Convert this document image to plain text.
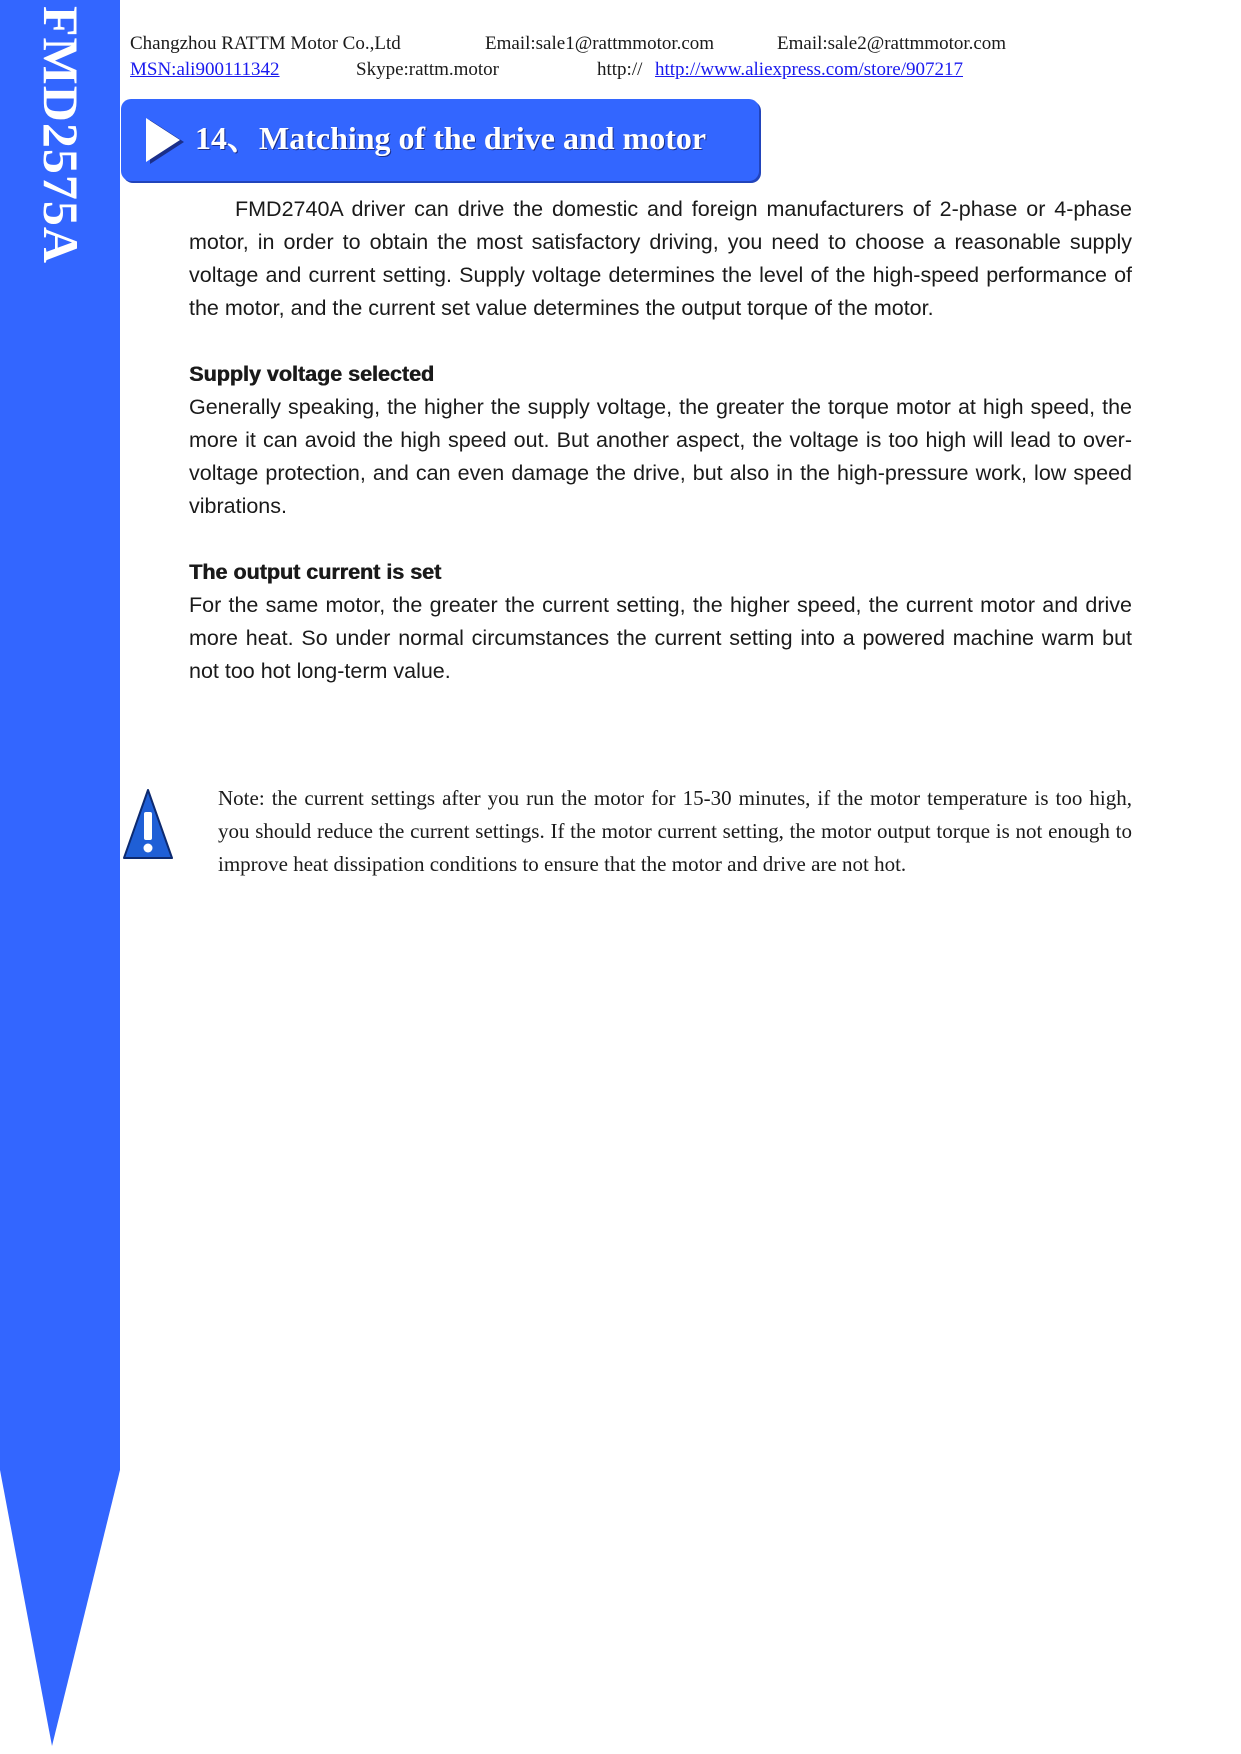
FMD2575A Changzhou RATTM Motor Co.,Ltd	Email:sale1@rattmmotor.com	Email:sale2@rattmmotor.com
MSN:ali900111342	Skype:rattm.motor	http:// http://www.aliexpress.com/store/907217
14、Matching of the drive and motor

FMD2740A driver can drive the domestic and foreign manufacturers of 2-phase or 4-phase motor, in order to obtain the most satisfactory driving, you need to choose a reasonable supply voltage and current setting. Supply voltage determines the level of the high-speed performance of the motor, and the current set value determines the output torque of the motor.

Supply voltage selected

Generally speaking, the higher the supply voltage, the greater the torque motor at high speed, the more it can avoid the high speed out. But another aspect, the voltage is too high will lead to over-voltage protection, and can even damage the drive, but also in the high-pressure work, low speed vibrations.

The output current is set

For the same motor, the greater the current setting, the higher speed, the current motor and drive more heat. So under normal circumstances the current setting into a powered machine warm but not too hot long-term value.

Note: the current settings after you run the motor for 15-30 minutes, if the motor temperature is too high, you should reduce the current settings. If the motor current setting, the motor output torque is not enough to improve heat dissipation conditions to ensure that the motor and drive are not hot.
